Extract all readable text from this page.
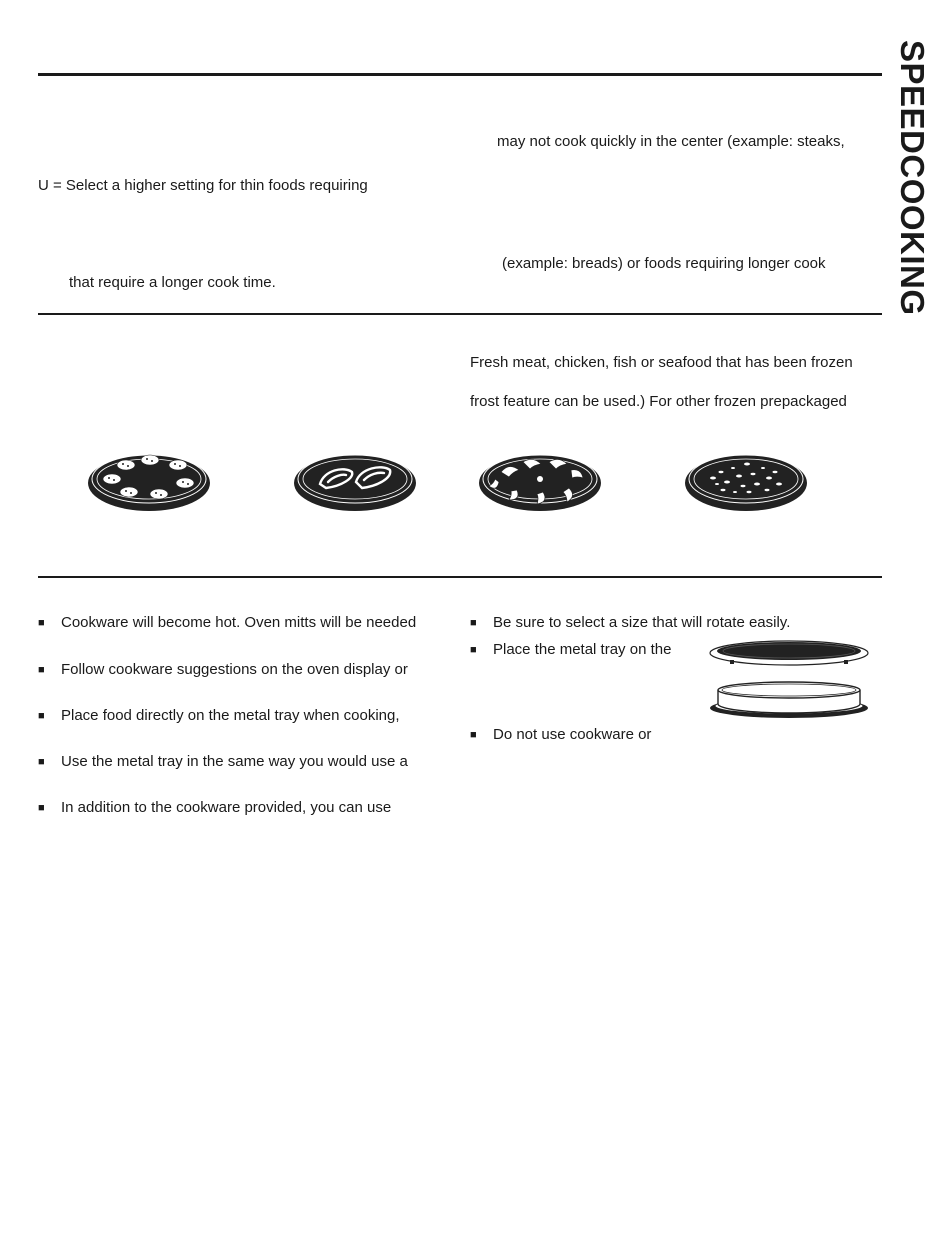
SPEEDCOOKING
may not cook quickly in the center (example: steaks,
U = Select a higher setting for thin foods requiring
(example: breads) or foods requiring longer cook
that require a longer cook time.
Fresh meat, chicken, fish or seafood that has been frozen
frost feature can be used.) For other frozen prepackaged
■ Cookware will become hot. Oven mitts will be needed
■ Follow cookware suggestions on the oven display or
■ Place food directly on the metal tray when cooking,
■ Use the metal tray in the same way you would use a
■ In addition to the cookware provided, you can use
■ Be sure to select a size that will rotate easily.
■ Place the metal tray on the
■ Do not use cookware or
